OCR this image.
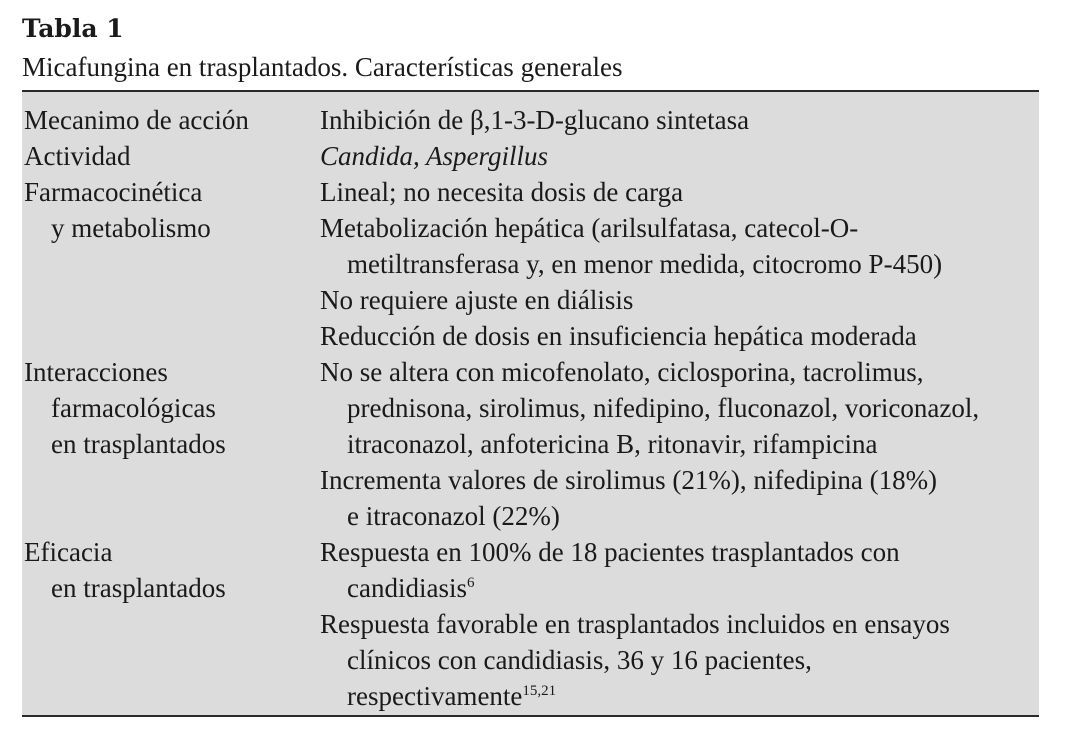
Tabla 1
Micafungina en trasplantados. Características generales

Mecanimo de acción	Inhibición de β,1-3-D-glucano sintetasa

Actividad	Candida, Aspergillus

Farmacocinética

y metabolismo

Lineal; no necesita dosis de carga

Metabolización hepática (arilsulfatasa, catecol-O-

metiltransferasa y, en menor medida, citocromo P-450)

No requiere ajuste en diálisis

Reducción de dosis en insuficiencia hepática moderada

Interacciones

farmacológicas

en trasplantados

No se altera con micofenolato, ciclosporina, tacrolimus,

prednisona, sirolimus, nifedipino, fluconazol, voriconazol,

itraconazol, anfotericina B, ritonavir, rifampicina

Incrementa valores de sirolimus (21%), nifedipina (18%)

e itraconazol (22%)

Eficacia

en trasplantados

Respuesta en 100% de 18 pacientes trasplantados con

candidiasis$^6$

Respuesta favorable en trasplantados incluidos en ensayos

clínicos con candidiasis, 36 y 16 pacientes,

respectivamente$^{15,21}$
